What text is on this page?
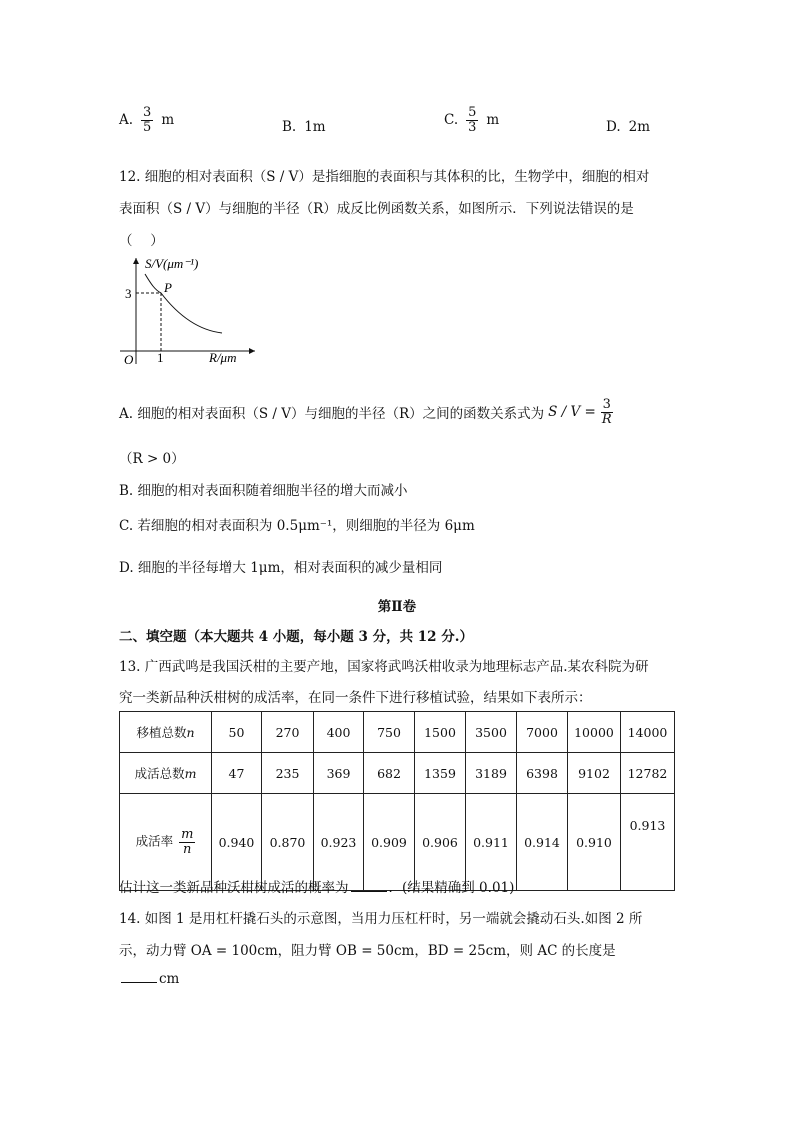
A. $\frac{3}{5}$ m	B. 1m	C. $\frac{5}{3}$ m	D. 2m
12. 细胞的相对表面积（S / V）是指细胞的表面积与其体积的比，生物学中，细胞的相对
表面积（S / V）与细胞的半径（R）成反比例函数关系，如图所示．下列说法错误的是
（　 ）
S/V(μm⁻¹)
R/μm
O
3
1
P
A. 细胞的相对表面积（S / V）与细胞的半径（R）之间的函数关系式为 $S / V = \frac{3}{R}$
（R > 0）
B. 细胞的相对表面积随着细胞半径的增大而减小
C. 若细胞的相对表面积为 0.5μm⁻¹，则细胞的半径为 6μm
D. 细胞的半径每增大 1μm，相对表面积的减少量相同
第Ⅱ卷
二、填空题（本大题共 4 小题，每小题 3 分，共 12 分.）
13. 广西武鸣是我国沃柑的主要产地，国家将武鸣沃柑收录为地理标志产品.某农科院为研
究一类新品种沃柑树的成活率，在同一条件下进行移植试验，结果如下表所示：
移植总数n	50	270	400	750	1500	3500	7000	10000	14000
成活总数m	47	235	369	682	1359	3189	6398	9102	12782
成活率 $\frac{m}{n}$	0.940	0.870	0.923	0.909	0.906	0.911	0.914	0.910	0.913
估计这一类新品种沃柑树成活的概率为	．(结果精确到 0.01)
14. 如图 1 是用杠杆撬石头的示意图，当用力压杠杆时，另一端就会撬动石头.如图 2 所
示，动力臂 OA = 100cm，阻力臂 OB = 50cm，BD = 25cm，则 AC 的长度是
cm
